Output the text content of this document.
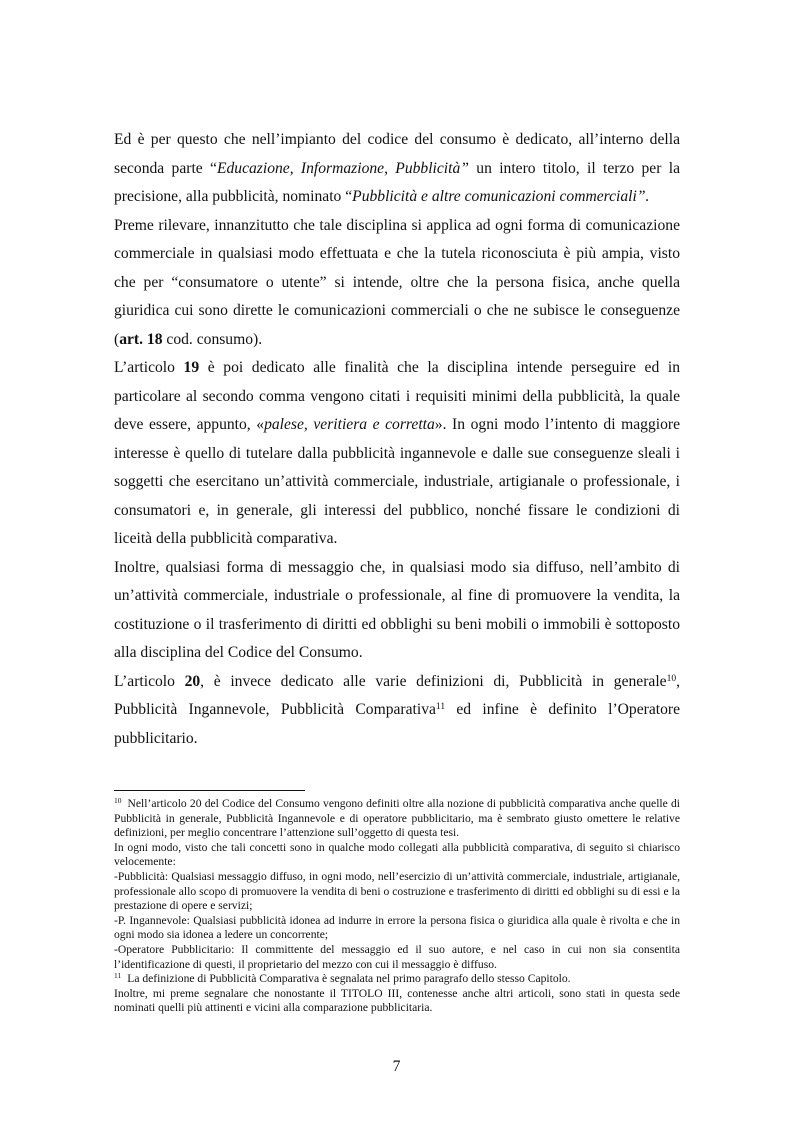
Ed è per questo che nell’impianto del codice del consumo è dedicato, all’interno della seconda parte “Educazione, Informazione, Pubblicità” un intero titolo, il terzo per la precisione, alla pubblicità, nominato “Pubblicità e altre comunicazioni commerciali”.

Preme rilevare, innanzitutto che tale disciplina si applica ad ogni forma di comunicazione commerciale in qualsiasi modo effettuata e che la tutela riconosciuta è più ampia, visto che per “consumatore o utente” si intende, oltre che la persona fisica, anche quella giuridica cui sono dirette le comunicazioni commerciali o che ne subisce le conseguenze (art. 18 cod. consumo).

L’articolo 19 è poi dedicato alle finalità che la disciplina intende perseguire ed in particolare al secondo comma vengono citati i requisiti minimi della pubblicità, la quale deve essere, appunto, «palese, veritiera e corretta». In ogni modo l’intento di maggiore interesse è quello di tutelare dalla pubblicità ingannevole e dalle sue conseguenze sleali i soggetti che esercitano un’attività commerciale, industriale, artigianale o professionale, i consumatori e, in generale, gli interessi del pubblico, nonché fissare le condizioni di liceità della pubblicità comparativa.

Inoltre, qualsiasi forma di messaggio che, in qualsiasi modo sia diffuso, nell’ambito di un’attività commerciale, industriale o professionale, al fine di promuovere la vendita, la costituzione o il trasferimento di diritti ed obblighi su beni mobili o immobili è sottoposto alla disciplina del Codice del Consumo.

L’articolo 20, è invece dedicato alle varie definizioni di, Pubblicità in generale$^{10}$, Pubblicità Ingannevole, Pubblicità Comparativa$^{11}$ ed infine è definito l’Operatore pubblicitario.

$^{10}$ Nell’articolo 20 del Codice del Consumo vengono definiti oltre alla nozione di pubblicità comparativa anche quelle di Pubblicità in generale, Pubblicità Ingannevole e di operatore pubblicitario, ma è sembrato giusto omettere le relative definizioni, per meglio concentrare l’attenzione sull’oggetto di questa tesi.

In ogni modo, visto che tali concetti sono in qualche modo collegati alla pubblicità comparativa, di seguito si chiarisco velocemente:

-Pubblicità: Qualsiasi messaggio diffuso, in ogni modo, nell’esercizio di un’attività commerciale, industriale, artigianale, professionale allo scopo di promuovere la vendita di beni o costruzione e trasferimento di diritti ed obblighi su di essi e la prestazione di opere e servizi;

-P. Ingannevole: Qualsiasi pubblicità idonea ad indurre in errore la persona fisica o giuridica alla quale è rivolta e che in ogni modo sia idonea a ledere un concorrente;

-Operatore Pubblicitario: Il committente del messaggio ed il suo autore, e nel caso in cui non sia consentita l’identificazione di questi, il proprietario del mezzo con cui il messaggio è diffuso.

$^{11}$ La definizione di Pubblicità Comparativa è segnalata nel primo paragrafo dello stesso Capitolo.

Inoltre, mi preme segnalare che nonostante il TITOLO III, contenesse anche altri articoli, sono stati in questa sede nominati quelli più attinenti e vicini alla comparazione pubblicitaria.

7
